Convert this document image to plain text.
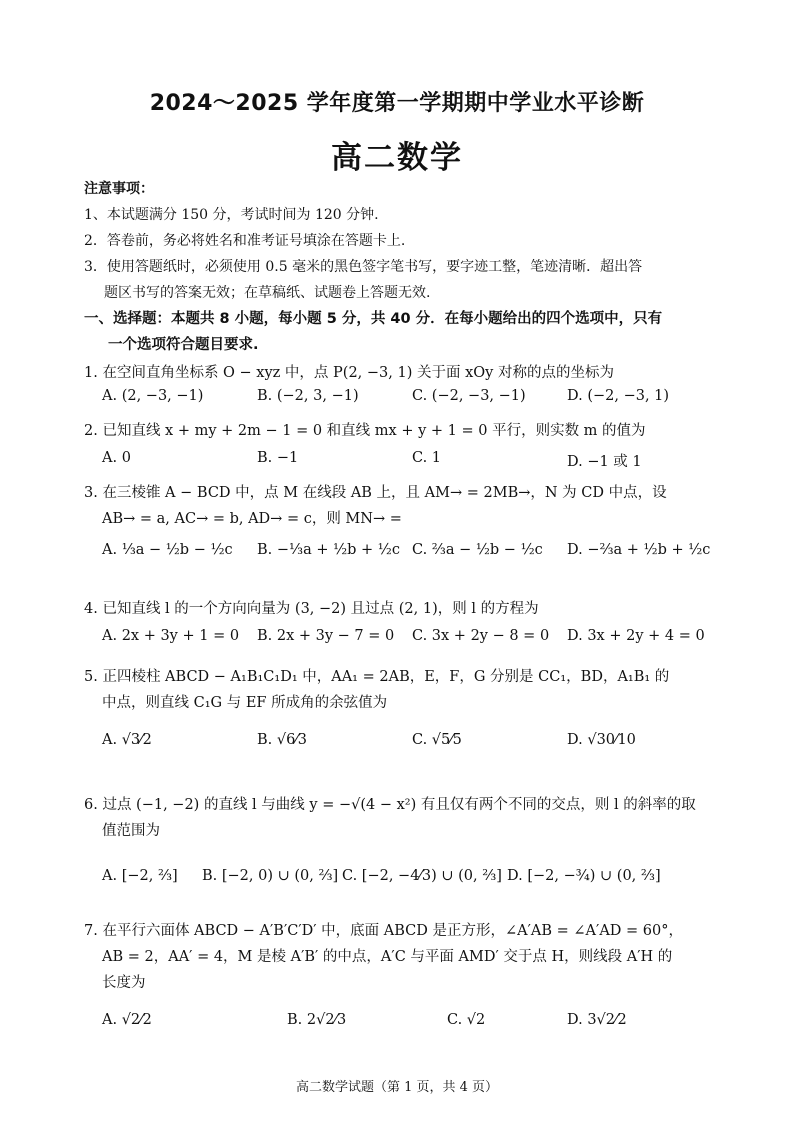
2024～2025 学年度第一学期期中学业水平诊断
高二数学
注意事项：
1、本试题满分 150 分，考试时间为 120 分钟.
2．答卷前，务必将姓名和准考证号填涂在答题卡上.
3．使用答题纸时，必须使用 0.5 毫米的黑色签字笔书写，要字迹工整，笔迹清晰．超出答
题区书写的答案无效；在草稿纸、试题卷上答题无效.
一、选择题：本题共 8 小题，每小题 5 分，共 40 分．在每小题给出的四个选项中，只有
一个选项符合题目要求.
1. 在空间直角坐标系 O − xyz 中，点 P(2, −3, 1) 关于面 xOy 对称的点的坐标为
A. (2, −3, −1)	B. (−2, 3, −1)	C. (−2, −3, −1)	D. (−2, −3, 1)
2. 已知直线 x + my + 2m − 1 = 0 和直线 mx + y + 1 = 0 平行，则实数 m 的值为
A. 0	B. −1	C. 1	D. −1 或 1
3. 在三棱锥 A − BCD 中，点 M 在线段 AB 上，且 AM→ = 2MB→，N 为 CD 中点，设
AB→ = a, AC→ = b, AD→ = c，则 MN→ =
A. ⅓a − ½b − ½c B. −⅓a + ½b + ½c C. ⅔a − ½b − ½c D. −⅔a + ½b + ½c
4. 已知直线 l 的一个方向向量为 (3, −2) 且过点 (2, 1)，则 l 的方程为
A. 2x + 3y + 1 = 0 B. 2x + 3y − 7 = 0 C. 3x + 2y − 8 = 0 D. 3x + 2y + 4 = 0
5. 正四棱柱 ABCD − A₁B₁C₁D₁ 中，AA₁ = 2AB，E，F，G 分别是 CC₁，BD，A₁B₁ 的
中点，则直线 C₁G 与 EF 所成角的余弦值为
A. √3⁄2	B. √6⁄3	C. √5⁄5	D. √30⁄10
6. 过点 (−1, −2) 的直线 l 与曲线 y = −√(4 − x²) 有且仅有两个不同的交点，则 l 的斜率的取
值范围为
A. [−2, ⅔] B. [−2, 0) ∪ (0, ⅔] C. [−2, −4⁄3) ∪ (0, ⅔] D. [−2, −¾) ∪ (0, ⅔]
7. 在平行六面体 ABCD − A′B′C′D′ 中，底面 ABCD 是正方形，∠A′AB = ∠A′AD = 60°，
AB = 2，AA′ = 4，M 是棱 A′B′ 的中点，A′C 与平面 AMD′ 交于点 H，则线段 A′H 的
长度为
A. √2⁄2	B. 2√2⁄3	C. √2	D. 3√2⁄2
高二数学试题（第 1 页，共 4 页）
